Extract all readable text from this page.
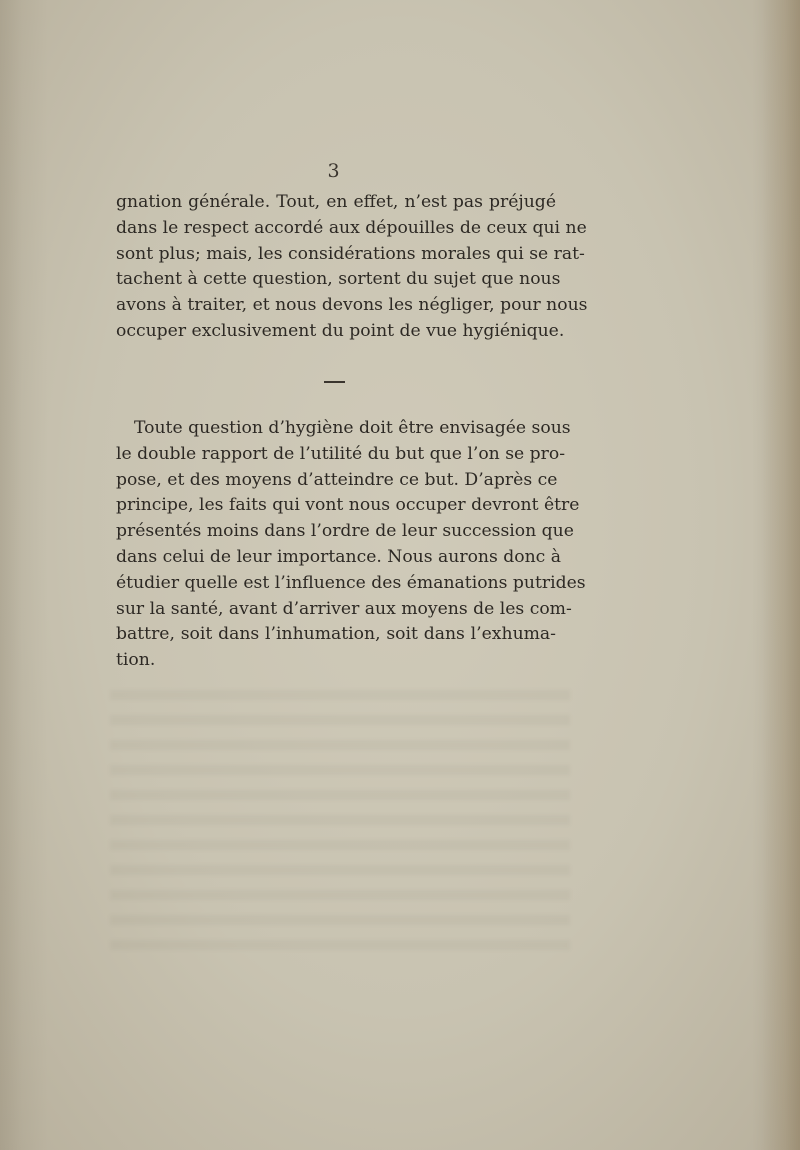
3
gnation générale. Tout, en effet, n’est pas préjugé
dans le respect accordé aux dépouilles de ceux qui ne
sont plus; mais, les considérations morales qui se rat-
tachent à cette question, sortent du sujet que nous
avons à traiter, et nous devons les négliger, pour nous
occuper exclusivement du point de vue hygiénique.
Toute question d’hygiène doit être envisagée sous
le double rapport de l’utilité du but que l’on se pro-
pose, et des moyens d’atteindre ce but. D’après ce
principe, les faits qui vont nous occuper devront être
présentés moins dans l’ordre de leur succession que
dans celui de leur importance. Nous aurons donc à
étudier quelle est l’influence des émanations putrides
sur la santé, avant d’arriver aux moyens de les com-
battre, soit dans l’inhumation, soit dans l’exhuma-
tion.
